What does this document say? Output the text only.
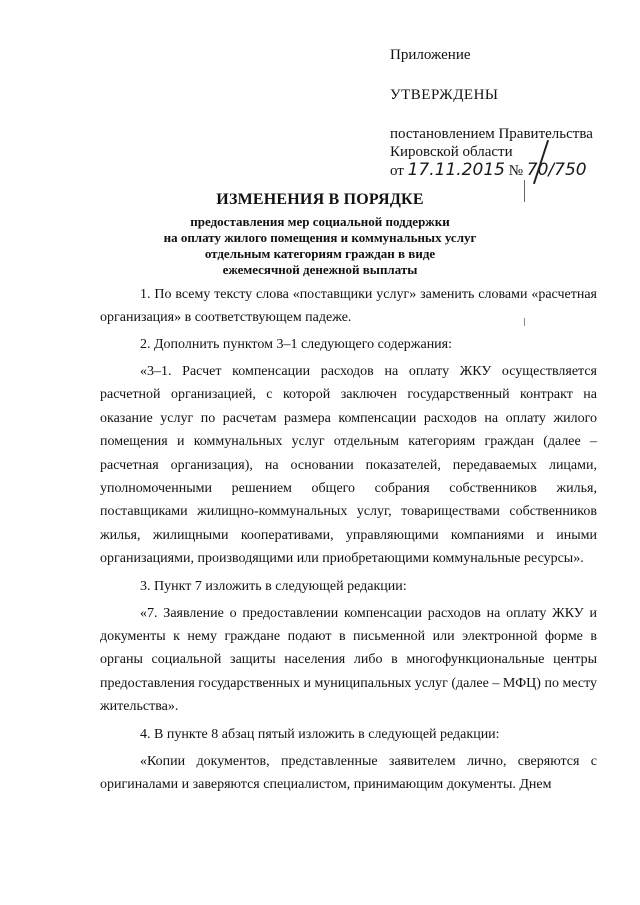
Приложение

УТВЕРЖДЕНЫ

постановлением Правительства

Кировской области

от 17.11.2015 № 70/750

ИЗМЕНЕНИЯ В ПОРЯДКЕ

предоставления мер социальной поддержки

на оплату жилого помещения и коммунальных услуг

отдельным категориям граждан в виде

ежемесячной денежной выплаты

1. По всему тексту слова «поставщики услуг» заменить словами «расчетная организация» в соответствующем падеже.

2. Дополнить пунктом 3–1 следующего содержания:

«3–1. Расчет компенсации расходов на оплату ЖКУ осуществляется расчетной организацией, с которой заключен государственный контракт на оказание услуг по расчетам размера компенсации расходов на оплату жилого помещения и коммунальных услуг отдельным категориям граждан (далее – расчетная организация), на основании показателей, передаваемых лицами, уполномоченными решением общего собрания собственников жилья, поставщиками жилищно-коммунальных услуг, товариществами собственников жилья, жилищными кооперативами, управляющими компаниями и иными организациями, производящими или приобретающими коммунальные ресурсы».

3. Пункт 7 изложить в следующей редакции:

«7. Заявление о предоставлении компенсации расходов на оплату ЖКУ и документы к нему граждане подают в письменной или электронной форме в органы социальной защиты населения либо в многофункциональные центры предоставления государственных и муниципальных услуг (далее – МФЦ) по месту жительства».

4. В пункте 8 абзац пятый изложить в следующей редакции:

«Копии документов, представленные заявителем лично, сверяются с оригиналами и заверяются специалистом, принимающим документы. Днем
